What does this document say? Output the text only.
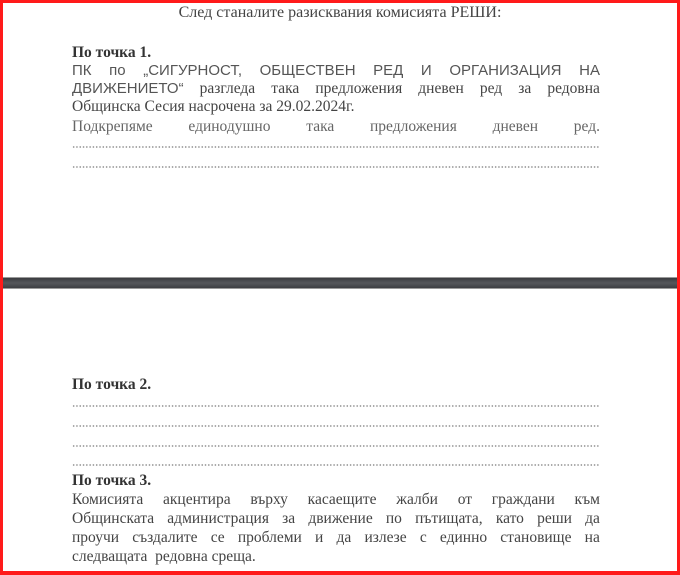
След станалите разисквания комисията РЕШИ:
По точка 1.
ПК по „СИГУРНОСТ, ОБЩЕСТВЕН РЕД И ОРГАНИЗАЦИЯ НА
ДВИЖЕНИЕТО“ разгледа така предложения дневен ред за редовна
Общинска Сесия насрочена за 29.02.2024г.
Подкрепяме единодушно така предложения дневен ред.
По точка 2.
По точка 3.
Комисията акцентира върху касаещите жалби от граждани към
Общинската администрация за движение по пътищата, като реши да
проучи създалите се проблеми и да излезе с единно становище на
следващата  редовна среща.
